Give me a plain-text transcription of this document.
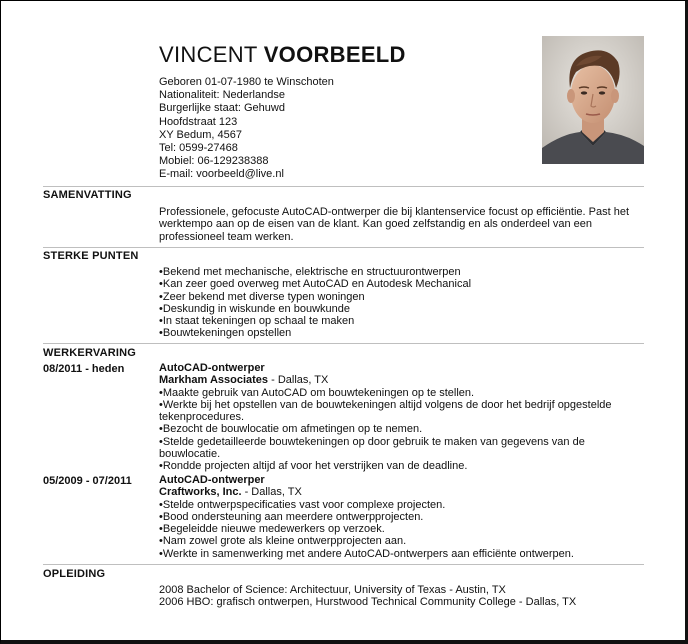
VINCENT VOORBEELD
Geboren 01-07-1980 te Winschoten
Nationaliteit: Nederlandse
Burgerlijke staat: Gehuwd
Hoofdstraat 123
XY Bedum, 4567
Tel: 0599-27468
Mobiel: 06-129238388
E-mail: voorbeeld@live.nl
SAMENVATTING
Professionele, gefocuste AutoCAD-ontwerper die bij klantenservice focust op efficiëntie. Past het werktempo aan op de eisen van de klant. Kan goed zelfstandig en als onderdeel van een professioneel team werken.
STERKE PUNTEN
• Bekend met mechanische, elektrische en structuurontwerpen
• Kan zeer goed overweg met AutoCAD en Autodesk Mechanical
• Zeer bekend met diverse typen woningen
• Deskundig in wiskunde en bouwkunde
• In staat tekeningen op schaal te maken
• Bouwtekeningen opstellen
WERKERVARING
08/2011 - heden	AutoCAD-ontwerper
Markham Associates - Dallas, TX
• Maakte gebruik van AutoCAD om bouwtekeningen op te stellen.
• Werkte bij het opstellen van de bouwtekeningen altijd volgens de door het bedrijf opgestelde tekenprocedures.
• Bezocht de bouwlocatie om afmetingen op te nemen.
• Stelde gedetailleerde bouwtekeningen op door gebruik te maken van gegevens van de bouwlocatie.
• Rondde projecten altijd af voor het verstrijken van de deadline.
05/2009 - 07/2011 AutoCAD-ontwerper
Craftworks, Inc. - Dallas, TX
• Stelde ontwerpspecificaties vast voor complexe projecten.
• Bood ondersteuning aan meerdere ontwerpprojecten.
• Begeleidde nieuwe medewerkers op verzoek.
• Nam zowel grote als kleine ontwerpprojecten aan.
• Werkte in samenwerking met andere AutoCAD-ontwerpers aan efficiënte ontwerpen.
OPLEIDING
2008 Bachelor of Science: Architectuur, University of Texas - Austin, TX
2006 HBO: grafisch ontwerpen, Hurstwood Technical Community College - Dallas, TX
